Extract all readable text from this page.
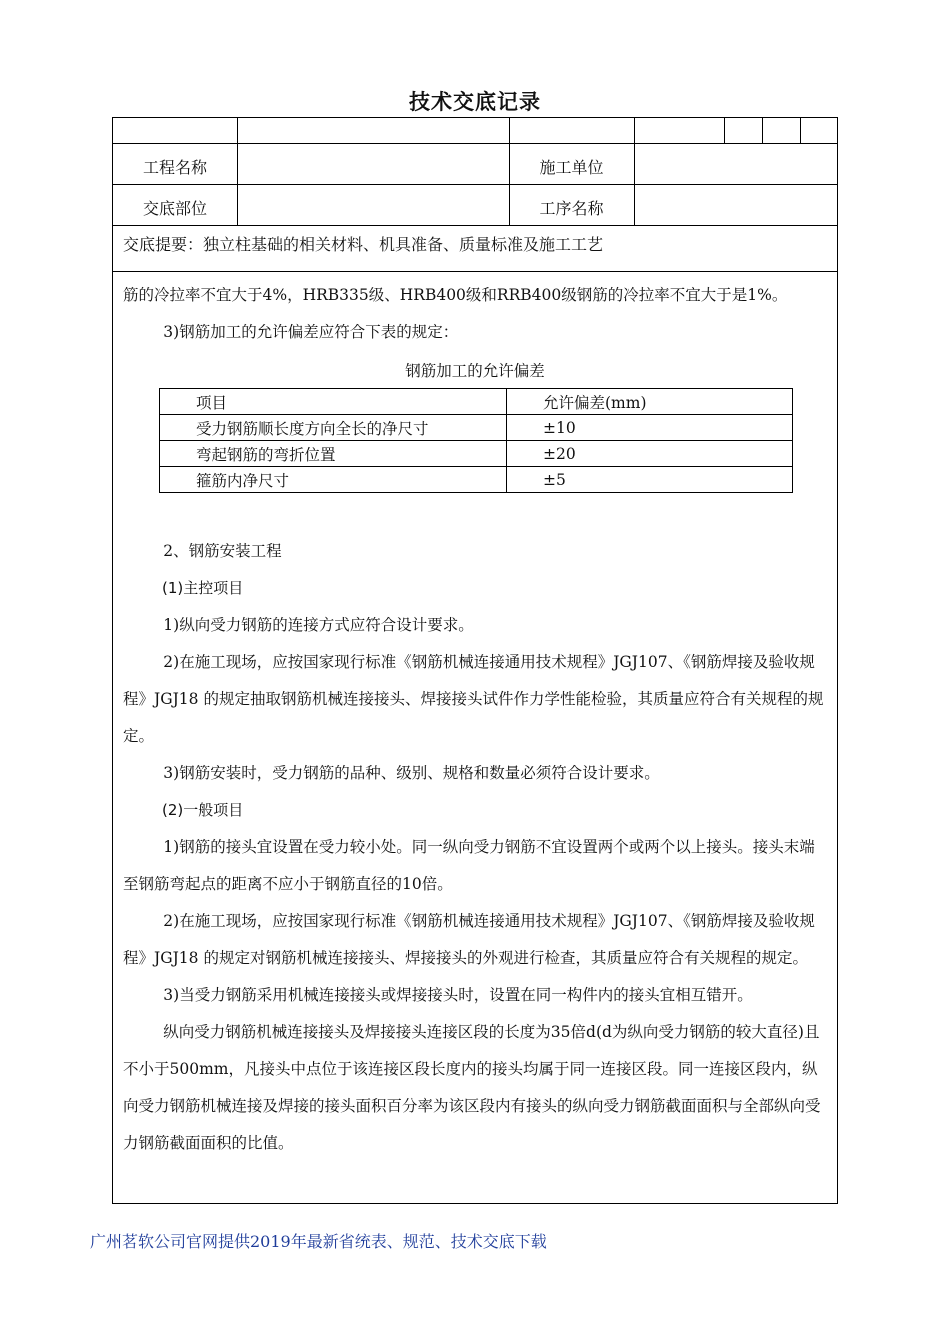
技术交底记录
工程名称	施工单位
交底部位	工序名称
交底提要：独立柱基础的相关材料、机具准备、质量标准及施工工艺

筋的冷拉率不宜大于4%，HRB335级、HRB400级和RRB400级钢筋的冷拉率不宜大于是1%。

3)钢筋加工的允许偏差应符合下表的规定：

钢筋加工的允许偏差
项目	允许偏差(mm)
受力钢筋顺长度方向全长的净尺寸	±10
弯起钢筋的弯折位置	±20
箍筋内净尺寸	±5

2、钢筋安装工程

(1)主控项目

1)纵向受力钢筋的连接方式应符合设计要求。

2)在施工现场，应按国家现行标准《钢筋机械连接通用技术规程》JGJ107、《钢筋焊接及验收规程》JGJ18 的规定抽取钢筋机械连接接头、焊接接头试件作力学性能检验，其质量应符合有关规程的规定。

3)钢筋安装时，受力钢筋的品种、级别、规格和数量必须符合设计要求。

(2)一般项目

1)钢筋的接头宜设置在受力较小处。同一纵向受力钢筋不宜设置两个或两个以上接头。接头末端至钢筋弯起点的距离不应小于钢筋直径的10倍。

2)在施工现场，应按国家现行标准《钢筋机械连接通用技术规程》JGJ107、《钢筋焊接及验收规程》JGJ18 的规定对钢筋机械连接接头、焊接接头的外观进行检查，其质量应符合有关规程的规定。

3)当受力钢筋采用机械连接接头或焊接接头时，设置在同一构件内的接头宜相互错开。

纵向受力钢筋机械连接接头及焊接接头连接区段的长度为35倍d(d为纵向受力钢筋的较大直径)且不小于500mm，凡接头中点位于该连接区段长度内的接头均属于同一连接区段。同一连接区段内，纵向受力钢筋机械连接及焊接的接头面积百分率为该区段内有接头的纵向受力钢筋截面面积与全部纵向受力钢筋截面面积的比值。

广州茗软公司官网提供2019年最新省统表、规范、技术交底下载
